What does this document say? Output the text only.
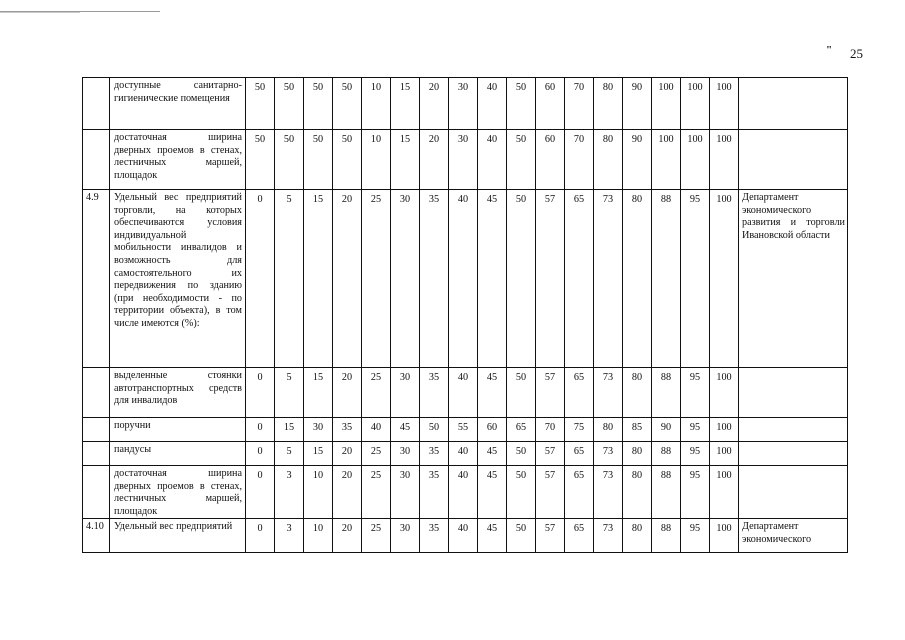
" 25
	доступные санитарно-гигиенические помещения	50	50	50	50	10	15	20	30	40	50	60	70	80	90	100	100	100	
	достаточная ширина дверных проемов в стенах, лестничных маршей, площадок	50	50	50	50	10	15	20	30	40	50	60	70	80	90	100	100	100	
4.9	Удельный вес предприятий торговли, на которых обеспечиваются условия индивидуальной мобильности инвалидов и возможность для самостоятельного их передвижения по зданию (при необходимости - по территории объекта), в том числе имеются (%):	0	5	15	20	25	30	35	40	45	50	57	65	73	80	88	95	100	Департамент экономического развития и торговли Ивановской области
	выделенные стоянки автотранспортных средств для инвалидов	0	5	15	20	25	30	35	40	45	50	57	65	73	80	88	95	100	
	поручни	0	15	30	35	40	45	50	55	60	65	70	75	80	85	90	95	100	
	пандусы	0	5	15	20	25	30	35	40	45	50	57	65	73	80	88	95	100	
	достаточная ширина дверных проемов в стенах, лестничных маршей, площадок	0	3	10	20	25	30	35	40	45	50	57	65	73	80	88	95	100	
4.10	Удельный вес предприятий	0	3	10	20	25	30	35	40	45	50	57	65	73	80	88	95	100	Департамент экономического
